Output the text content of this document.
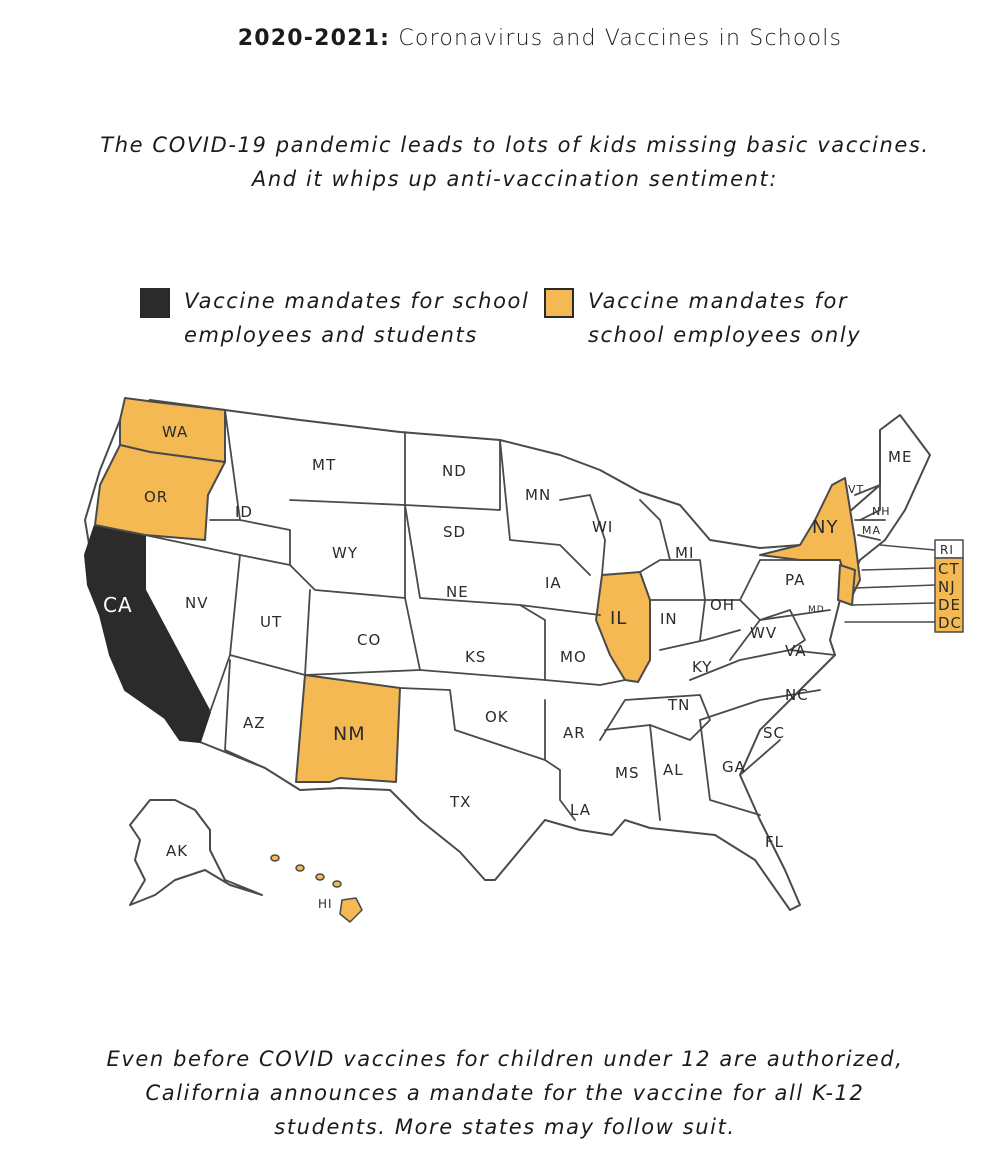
2020-2021: Coronavirus and Vaccines in Schools
The COVID-19 pandemic leads to lots of kids missing basic vaccines.
And it whips up anti-vaccination sentiment:
Vaccine mandates for school
employees and students
Vaccine mandates for
school employees only
WA
OR
CA
ID
NV
MT
WY
UT
AZ
CO
NM
ND
SD
NE
KS
OK
TX
MN
IA
MO
AR
LA
WI
IL
MI
IN
OH
KY
TN
MS AL	GA
FL
SC
NC
VA
WV
PA
NY
VT
NH
ME
MA
MD
AK
HI
RI
CT
NJ
DE
DC
Even before COVID vaccines for children under 12 are authorized,
California announces a mandate for the vaccine for all K-12
students. More states may follow suit.
